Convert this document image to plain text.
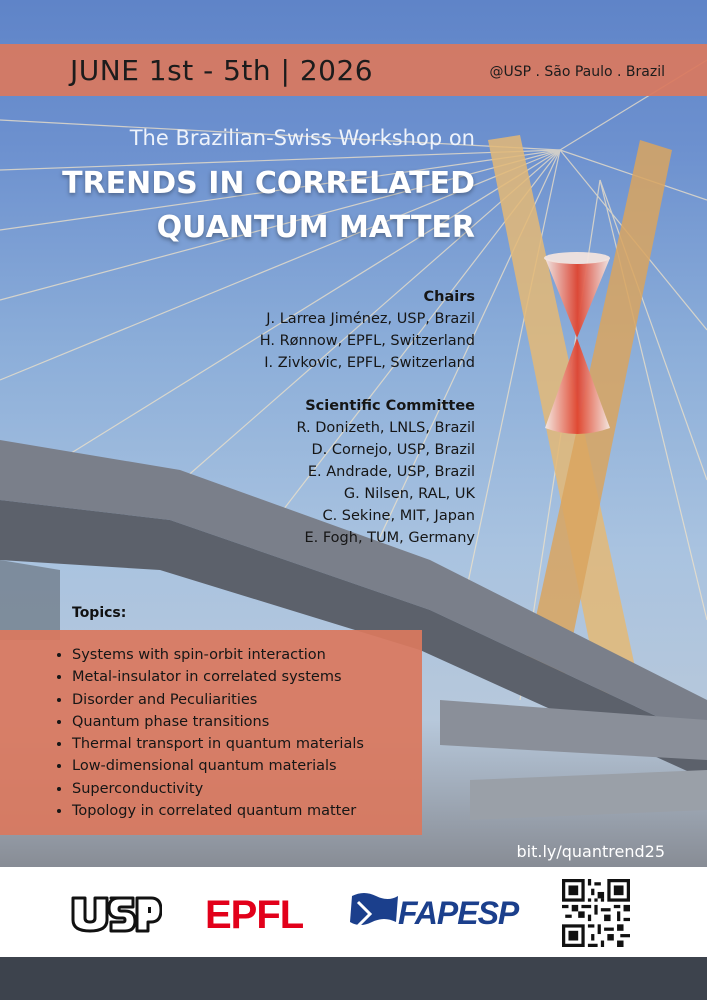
JUNE 1st - 5th | 2026	@USP . São Paulo . Brazil
The Brazilian-Swiss Workshop on
TRENDS IN CORRELATED QUANTUM MATTER
Chairs
J. Larrea Jiménez, USP, Brazil
H. Rønnow, EPFL, Switzerland
I. Zivkovic, EPFL, Switzerland
Scientific Committee
R. Donizeth, LNLS, Brazil
D. Cornejo, USP, Brazil
E. Andrade, USP, Brazil
G. Nilsen, RAL, UK
C. Sekine, MIT, Japan
E. Fogh, TUM, Germany
Topics:
• Systems with spin-orbit interaction
• Metal-insulator in correlated systems
• Disorder and Peculiarities
• Quantum phase transitions
• Thermal transport in quantum materials
• Low-dimensional quantum materials
• Superconductivity
• Topology in correlated quantum matter
bit.ly/quantrend25
EPFL	FAPESP
